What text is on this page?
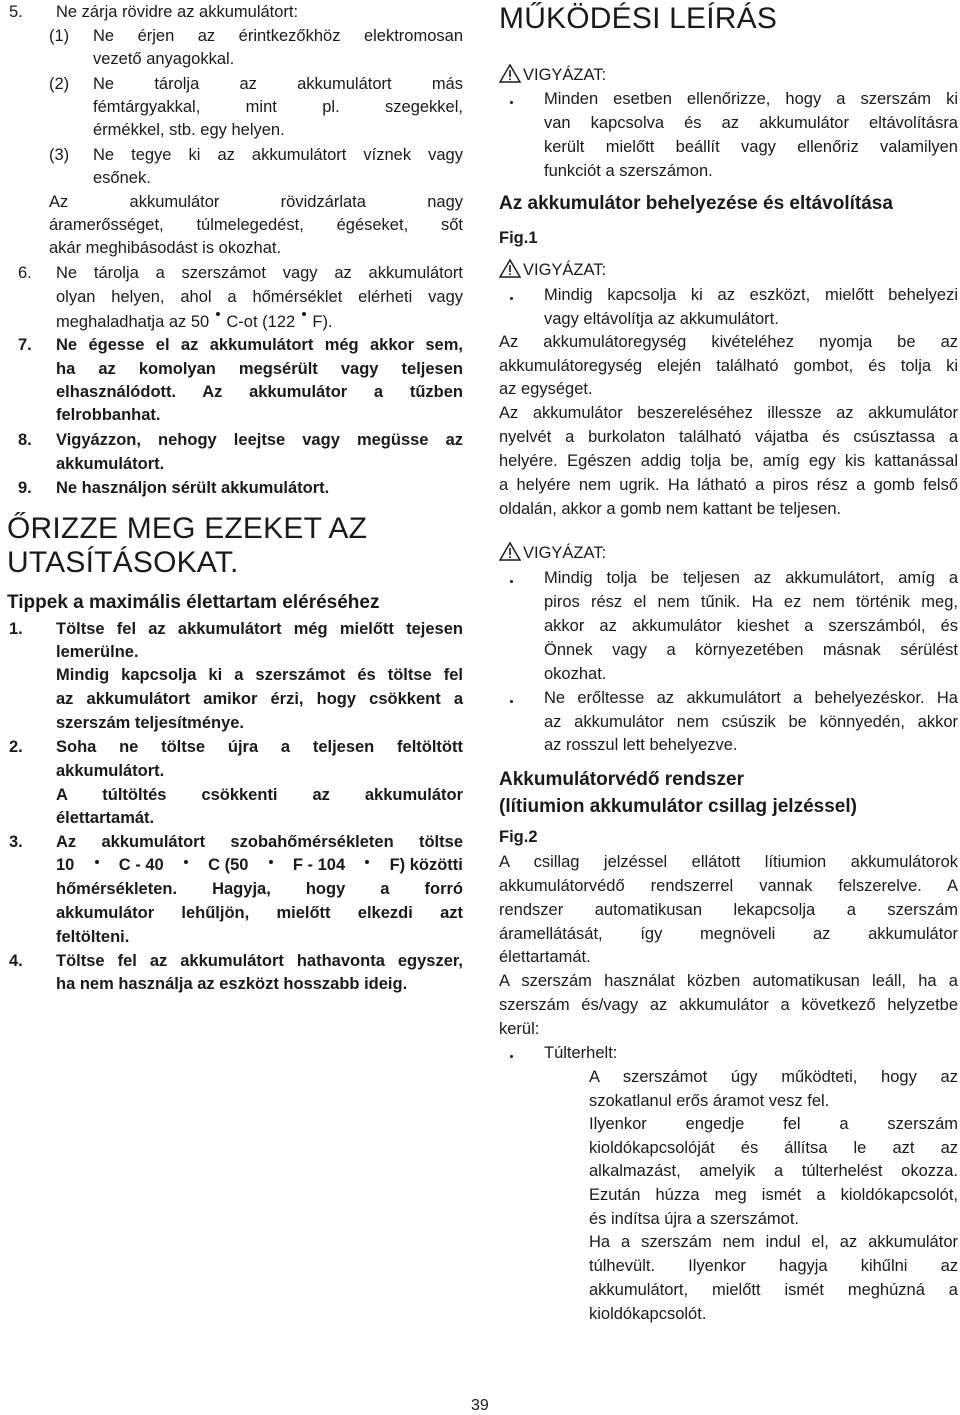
5. Ne zárja rövidre az akkumulátort:
(1) Ne érjen az érintkezőkhöz elektromosan
vezető anyagokkal.
(2) Ne tárolja az akkumulátort más
fémtárgyakkal, mint pl. szegekkel,
érmékkel, stb. egy helyen.
(3) Ne tegye ki az akkumulátort víznek vagy
esőnek.
Az akkumulátor rövidzárlata nagy
áramerősséget, túlmelegedést, égéseket, sőt
akár meghibásodást is okozhat.
6. Ne tárolja a szerszámot vagy az akkumulátort
olyan helyen, ahol a hőmérséklet elérheti vagy
meghaladhatja az 50 C-ot (122 F).
7. Ne égesse el az akkumulátort még akkor sem,
ha az komolyan megsérült vagy teljesen
elhasználódott. Az akkumulátor a tűzben
felrobbanhat.
8. Vigyázzon, nehogy leejtse vagy megüsse az
akkumulátort.
9. Ne használjon sérült akkumulátort.
ŐRIZZE MEG EZEKET AZ
UTASÍTÁSOKAT.
Tippek a maximális élettartam eléréséhez
1. Töltse fel az akkumulátort még mielőtt tejesen
lemerülne.
Mindig kapcsolja ki a szerszámot és töltse fel
az akkumulátort amikor érzi, hogy csökkent a
szerszám teljesítménye.
2. Soha ne töltse újra a teljesen feltöltött
akkumulátort.
A túltöltés csökkenti az akkumulátor
élettartamát.
3. Az akkumulátort szobahőmérsékleten töltse
10	C - 40	C (50	F - 104	F) közötti
hőmérsékleten. Hagyja, hogy a forró
akkumulátor lehűljön, mielőtt elkezdi azt
feltölteni.
4. Töltse fel az akkumulátort hathavonta egyszer,
ha nem használja az eszközt hosszabb ideig.
MŰKÖDÉSI LEÍRÁS
VIGYÁZAT:
Minden esetben ellenőrizze, hogy a szerszám ki
van kapcsolva és az akkumulátor eltávolításra
került mielőtt beállít vagy ellenőriz valamilyen
funkciót a szerszámon.
Az akkumulátor behelyezése és eltávolítása
Fig.1
VIGYÁZAT:
Mindig kapcsolja ki az eszközt, mielőtt behelyezi
vagy eltávolítja az akkumulátort.
Az akkumulátoregység kivételéhez nyomja be az
akkumulátoregység elején található gombot, és tolja ki
az egységet.
Az akkumulátor beszereléséhez illessze az akkumulátor
nyelvét a burkolaton található vájatba és csúsztassa a
helyére. Egészen addig tolja be, amíg egy kis kattanással
a helyére nem ugrik. Ha látható a piros rész a gomb felső
oldalán, akkor a gomb nem kattant be teljesen.
VIGYÁZAT:
Mindig tolja be teljesen az akkumulátort, amíg a
piros rész el nem tűnik. Ha ez nem történik meg,
akkor az akkumulátor kieshet a szerszámból, és
Önnek vagy a környezetében másnak sérülést
okozhat.
Ne erőltesse az akkumulátort a behelyezéskor. Ha
az akkumulátor nem csúszik be könnyedén, akkor
az rosszul lett behelyezve.
Akkumulátorvédő rendszer
(lítiumion akkumulátor csillag jelzéssel)
Fig.2
A csillag jelzéssel ellátott lítiumion akkumulátorok
akkumulátorvédő rendszerrel vannak felszerelve. A
rendszer automatikusan lekapcsolja a szerszám
áramellátását, így megnöveli az akkumulátor
élettartamát.
A szerszám használat közben automatikusan leáll, ha a
szerszám és/vagy az akkumulátor a következő helyzetbe
kerül:
Túlterhelt:
A szerszámot úgy működteti, hogy az
szokatlanul erős áramot vesz fel.
Ilyenkor engedje fel a szerszám
kioldókapcsolóját és állítsa le azt az
alkalmazást, amelyik a túlterhelést okozza.
Ezután húzza meg ismét a kioldókapcsolót,
és indítsa újra a szerszámot.
Ha a szerszám nem indul el, az akkumulátor
túlhevült. Ilyenkor hagyja kihűlni az
akkumulátort, mielőtt ismét meghúzná a
kioldókapcsolót.
39
